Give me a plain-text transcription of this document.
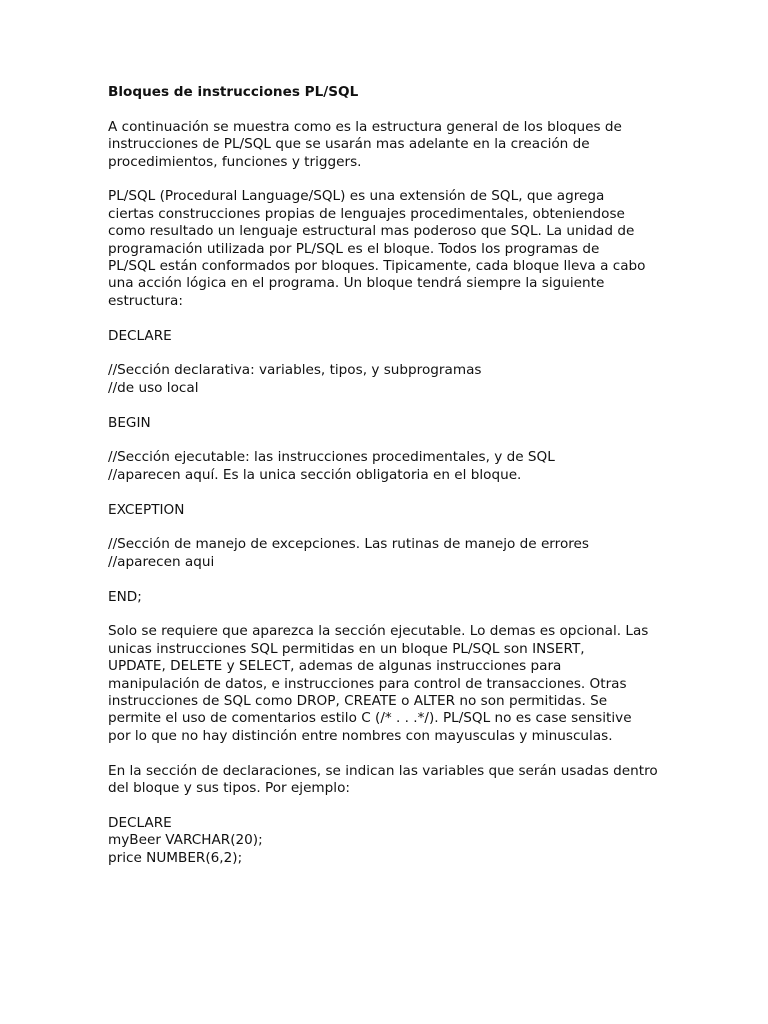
Bloques de instrucciones PL/SQL
A continuación se muestra como es la estructura general de los bloques de
instrucciones de PL/SQL que se usarán mas adelante en la creación de
procedimientos, funciones y triggers.
PL/SQL (Procedural Language/SQL) es una extensión de SQL, que agrega
ciertas construcciones propias de lenguajes procedimentales, obteniendose
como resultado un lenguaje estructural mas poderoso que SQL. La unidad de
programación utilizada por PL/SQL es el bloque. Todos los programas de
PL/SQL están conformados por bloques. Tipicamente, cada bloque lleva a cabo
una acción lógica en el programa. Un bloque tendrá siempre la siguiente
estructura:
DECLARE
//Sección declarativa: variables, tipos, y subprogramas
//de uso local
BEGIN
//Sección ejecutable: las instrucciones procedimentales, y de SQL
//aparecen aquí. Es la unica sección obligatoria en el bloque.
EXCEPTION
//Sección de manejo de excepciones. Las rutinas de manejo de errores
//aparecen aqui
END;
Solo se requiere que aparezca la sección ejecutable. Lo demas es opcional. Las
unicas instrucciones SQL permitidas en un bloque PL/SQL son INSERT,
UPDATE, DELETE y SELECT, ademas de algunas instrucciones para
manipulación de datos, e instrucciones para control de transacciones. Otras
instrucciones de SQL como DROP, CREATE o ALTER no son permitidas. Se
permite el uso de comentarios estilo C (/* . . .*/). PL/SQL no es case sensitive
por lo que no hay distinción entre nombres con mayusculas y minusculas.
En la sección de declaraciones, se indican las variables que serán usadas dentro
del bloque y sus tipos. Por ejemplo:
DECLARE
myBeer VARCHAR(20);
price NUMBER(6,2);
